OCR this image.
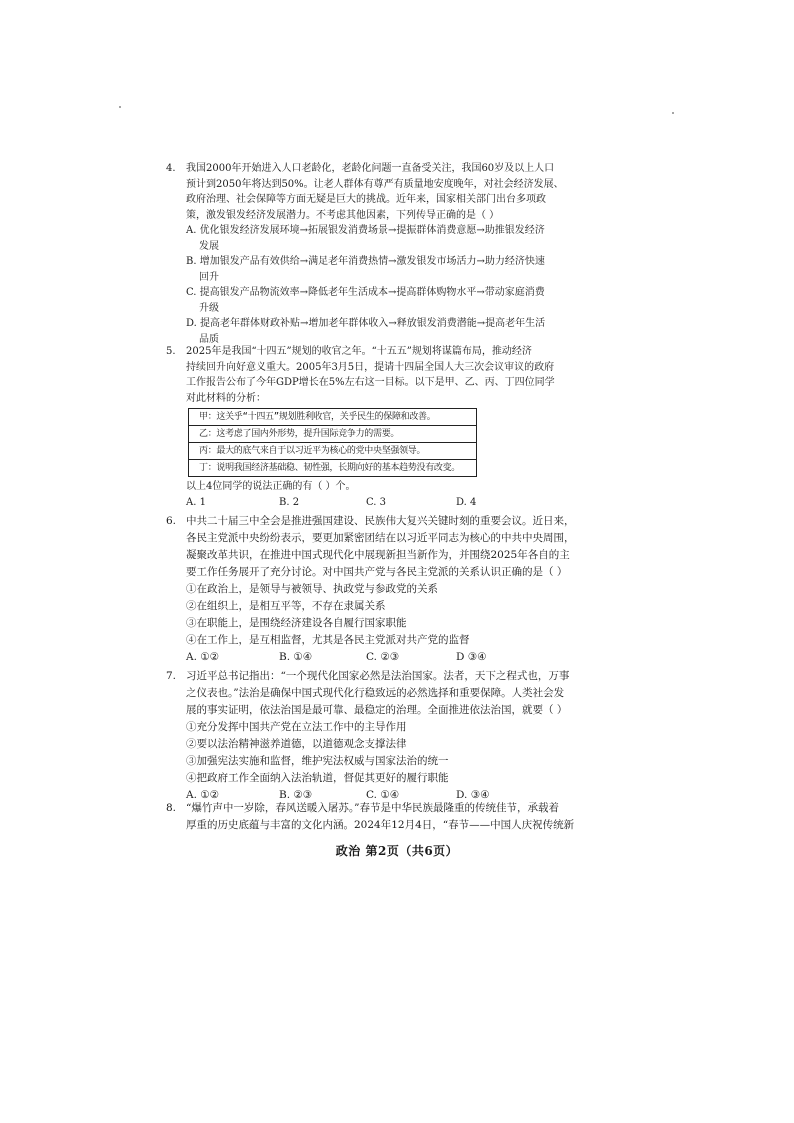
4. 我国2000年开始进入人口老龄化，老龄化问题一直备受关注，我国60岁及以上人口
预计到2050年将达到50%。让老人群体有尊严有质量地安度晚年，对社会经济发展、
政府治理、社会保障等方面无疑是巨大的挑战。近年来，国家相关部门出台多项政
策，激发银发经济发展潜力。不考虑其他因素，下列传导正确的是（ ）
A. 优化银发经济发展环境→拓展银发消费场景→提振群体消费意愿→助推银发经济
发展
B. 增加银发产品有效供给→满足老年消费热情→激发银发市场活力→助力经济快速
回升
C. 提高银发产品物流效率→降低老年生活成本→提高群体购物水平→带动家庭消费
升级
D. 提高老年群体财政补贴→增加老年群体收入→释放银发消费潜能→提高老年生活
品质
5. 2025年是我国“十四五”规划的收官之年。“十五五”规划将谋篇布局，推动经济
持续回升向好意义重大。2005年3月5日，提请十四届全国人大三次会议审议的政府
工作报告公布了今年GDP增长在5%左右这一目标。以下是甲、乙、丙、丁四位同学
对此材料的分析：
甲：这关乎“十四五”规划胜利收官，关乎民生的保障和改善。
乙：这考虑了国内外形势，提升国际竞争力的需要。
丙：最大的底气来自于以习近平为核心的党中央坚强领导。
丁：说明我国经济基础稳、韧性强，长期向好的基本趋势没有改变。
以上4位同学的说法正确的有（ ）个。
A. 1	B. 2	C. 3	D. 4
6. 中共二十届三中全会是推进强国建设、民族伟大复兴关键时刻的重要会议。近日来，
各民主党派中央纷纷表示，要更加紧密团结在以习近平同志为核心的中共中央周围，
凝聚改革共识，在推进中国式现代化中展现新担当新作为，并围绕2025年各自的主
要工作任务展开了充分讨论。对中国共产党与各民主党派的关系认识正确的是（ ）
①在政治上，是领导与被领导、执政党与参政党的关系
②在组织上，是相互平等，不存在隶属关系
③在职能上，是围绕经济建设各自履行国家职能
④在工作上，是互相监督，尤其是各民主党派对共产党的监督
A. ①②	B. ①④	C. ②③	D ③④
7. 习近平总书记指出：“一个现代化国家必然是法治国家。法者，天下之程式也，万事
之仪表也。”法治是确保中国式现代化行稳致远的必然选择和重要保障。人类社会发
展的事实证明，依法治国是最可靠、最稳定的治理。全面推进依法治国，就要（ ）
①充分发挥中国共产党在立法工作中的主导作用
②要以法治精神滋养道德，以道德观念支撑法律
③加强宪法实施和监督，维护宪法权威与国家法治的统一
④把政府工作全面纳入法治轨道，督促其更好的履行职能
A. ①②	B. ②③	C. ①④	D. ③④
8. “爆竹声中一岁除，春风送暖入屠苏。”春节是中华民族最隆重的传统佳节，承载着
厚重的历史底蕴与丰富的文化内涵。2024年12月4日，“春节——中国人庆祝传统新
政治 第2页（共6页）
